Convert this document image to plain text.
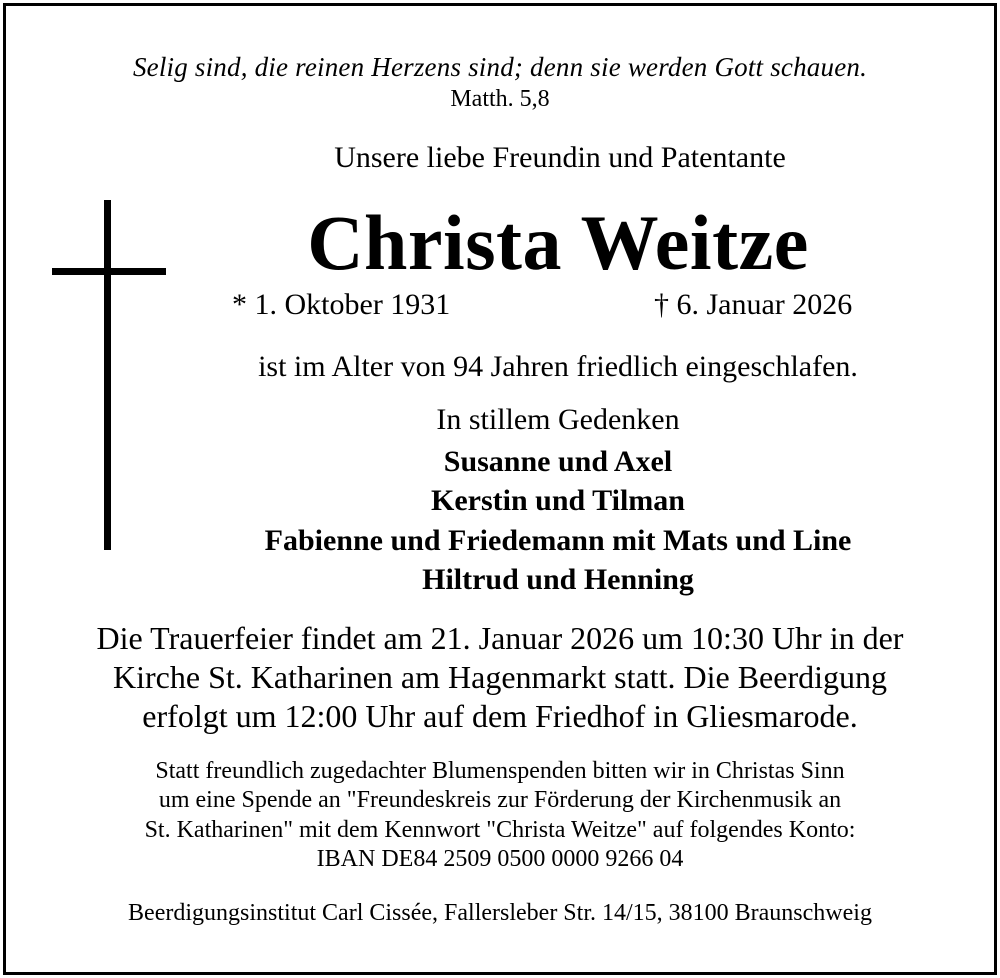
Selig sind, die reinen Herzens sind; denn sie werden Gott schauen.
Matth. 5,8
Unsere liebe Freundin und Patentante
Christa Weitze
* 1. Oktober 1931	† 6. Januar 2026
ist im Alter von 94 Jahren friedlich eingeschlafen.
In stillem Gedenken
Susanne und Axel
Kerstin und Tilman
Fabienne und Friedemann mit Mats und Line
Hiltrud und Henning
Die Trauerfeier findet am 21. Januar 2026 um 10:30 Uhr in der
Kirche St. Katharinen am Hagenmarkt statt. Die Beerdigung
erfolgt um 12:00 Uhr auf dem Friedhof in Gliesmarode.
Statt freundlich zugedachter Blumenspenden bitten wir in Christas Sinn
um eine Spende an "Freundeskreis zur Förderung der Kirchenmusik an
St. Katharinen" mit dem Kennwort "Christa Weitze" auf folgendes Konto:
IBAN DE84 2509 0500 0000 9266 04
Beerdigungsinstitut Carl Cissée, Fallersleber Str. 14/15, 38100 Braunschweig
